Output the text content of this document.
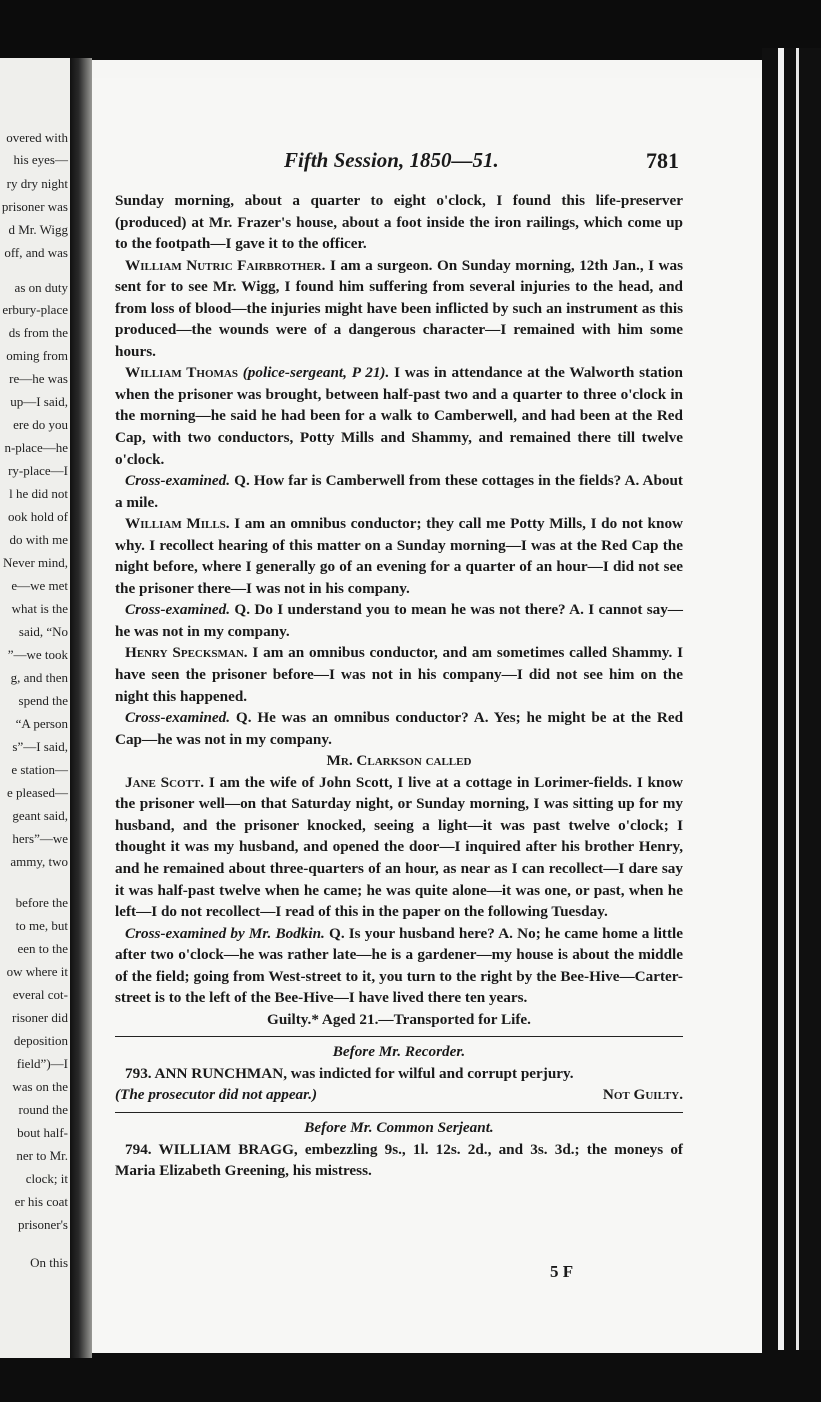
overed with
his eyes—
ry dry night
prisoner was
d Mr. Wigg
off, and was
as on duty
erbury-place
ds from the
oming from
re—he was
up—I said,
ere do you
n-place—he
ry-place—I
l he did not
ook hold of
do with me
Never mind,
e—we met
what is the
said, “No
”—we took
g, and then
spend the
“A person
s”—I said,
e station—
e pleased—
geant said,
hers”—we
ammy, two
before the
to me, but
een to the
ow where it
everal cot-
risoner did
deposition
field”)—I
was on the
round the
bout half-
ner to Mr.
clock; it
er his coat
prisoner's
On this
Fifth Session, 1850—51.	781

Sunday morning, about a quarter to eight o'clock, I found this life-preserver (produced) at Mr. Frazer's house, about a foot inside the iron railings, which come up to the footpath—I gave it to the officer.

William Nutric Fairbrother. I am a surgeon. On Sunday morning, 12th Jan., I was sent for to see Mr. Wigg, I found him suffering from several injuries to the head, and from loss of blood—the injuries might have been inflicted by such an instrument as this produced—the wounds were of a dangerous character—I remained with him some hours.

William Thomas (police-sergeant, P 21). I was in attendance at the Walworth station when the prisoner was brought, between half-past two and a quarter to three o'clock in the morning—he said he had been for a walk to Camberwell, and had been at the Red Cap, with two conductors, Potty Mills and Shammy, and remained there till twelve o'clock.

Cross-examined. Q. How far is Camberwell from these cottages in the fields? A. About a mile.

William Mills. I am an omnibus conductor; they call me Potty Mills, I do not know why. I recollect hearing of this matter on a Sunday morning—I was at the Red Cap the night before, where I generally go of an evening for a quarter of an hour—I did not see the prisoner there—I was not in his company.

Cross-examined. Q. Do I understand you to mean he was not there? A. I cannot say—he was not in my company.

Henry Specksman. I am an omnibus conductor, and am sometimes called Shammy. I have seen the prisoner before—I was not in his company—I did not see him on the night this happened.

Cross-examined. Q. He was an omnibus conductor? A. Yes; he might be at the Red Cap—he was not in my company.

Mr. Clarkson called

Jane Scott. I am the wife of John Scott, I live at a cottage in Lorimer-fields. I know the prisoner well—on that Saturday night, or Sunday morning, I was sitting up for my husband, and the prisoner knocked, seeing a light—it was past twelve o'clock; I thought it was my husband, and opened the door—I inquired after his brother Henry, and he remained about three-quarters of an hour, as near as I can recollect—I dare say it was half-past twelve when he came; he was quite alone—it was one, or past, when he left—I do not recollect—I read of this in the paper on the following Tuesday.

Cross-examined by Mr. Bodkin. Q. Is your husband here? A. No; he came home a little after two o'clock—he was rather late—he is a gardener—my house is about the middle of the field; going from West-street to it, you turn to the right by the Bee-Hive—Carter-street is to the left of the Bee-Hive—I have lived there ten years.

Guilty.* Aged 21.—Transported for Life.

Before Mr. Recorder.

793. ANN RUNCHMAN, was indicted for wilful and corrupt perjury.

(The prosecutor did not appear.)	Not Guilty.

Before Mr. Common Serjeant.

794. WILLIAM BRAGG, embezzling 9s., 1l. 12s. 2d., and 3s. 3d.; the moneys of Maria Elizabeth Greening, his mistress.

5 F
